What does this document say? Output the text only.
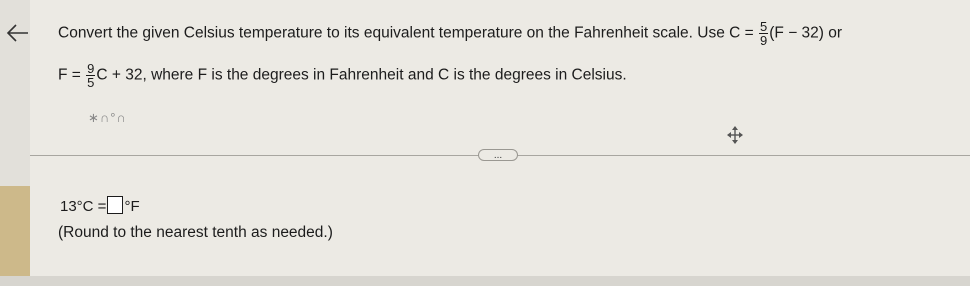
Convert the given Celsius temperature to its equivalent temperature on the Fahrenheit scale. Use $C = \frac{5}{9} (F - 32)$ or
$F = \frac{9}{5}$ C + 32, where F is the degrees in Fahrenheit and C is the degrees in Celsius.
∗∩°∩
...
13°C = °F
(Round to the nearest tenth as needed.)
